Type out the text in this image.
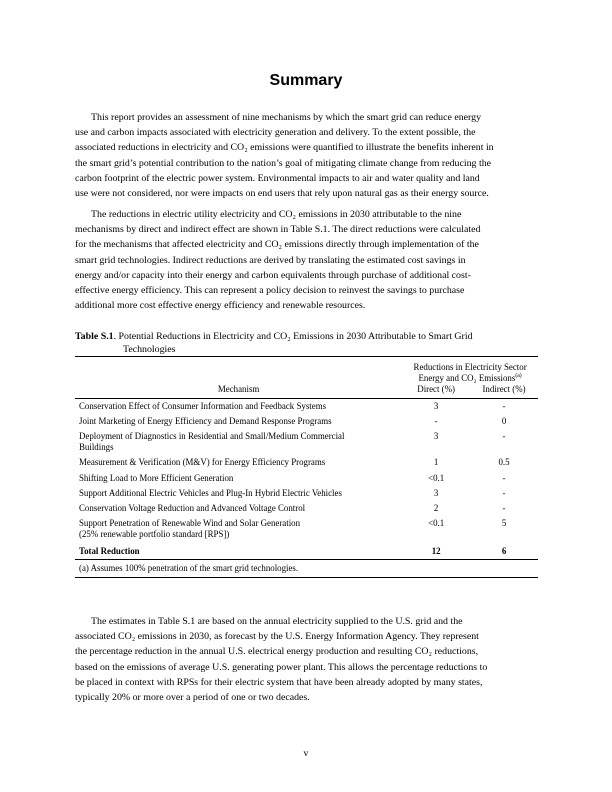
Summary

This report provides an assessment of nine mechanisms by which the smart grid can reduce energy
use and carbon impacts associated with electricity generation and delivery. To the extent possible, the
associated reductions in electricity and CO₂ emissions were quantified to illustrate the benefits inherent in
the smart grid’s potential contribution to the nation’s goal of mitigating climate change from reducing the
carbon footprint of the electric power system. Environmental impacts to air and water quality and land
use were not considered, nor were impacts on end users that rely upon natural gas as their energy source.

The reductions in electric utility electricity and CO₂ emissions in 2030 attributable to the nine
mechanisms by direct and indirect effect are shown in Table S.1. The direct reductions were calculated
for the mechanisms that affected electricity and CO₂ emissions directly through implementation of the
smart grid technologies. Indirect reductions are derived by translating the estimated cost savings in
energy and/or capacity into their energy and carbon equivalents through purchase of additional cost-
effective energy efficiency. This can represent a policy decision to reinvest the savings to purchase
additional more cost effective energy efficiency and renewable resources.

Table S.1. Potential Reductions in Electricity and CO₂ Emissions in 2030 Attributable to Smart Grid
Technologies

	Reductions in Electricity Sector
Energy and CO₂ Emissions$^{(a)}$
Mechanism	Direct (%)	Indirect (%)
Conservation Effect of Consumer Information and Feedback Systems	3	-
Joint Marketing of Energy Efficiency and Demand Response Programs	-	0
Deployment of Diagnostics in Residential and Small/Medium Commercial
Buildings	3	-
Measurement & Verification (M&V) for Energy Efficiency Programs	1	0.5
Shifting Load to More Efficient Generation	<0.1	-
Support Additional Electric Vehicles and Plug-In Hybrid Electric Vehicles	3	-
Conservation Voltage Reduction and Advanced Voltage Control	2	-
Support Penetration of Renewable Wind and Solar Generation
(25% renewable portfolio standard [RPS])	<0.1	5
Total Reduction	12	6
(a) Assumes 100% penetration of the smart grid technologies.		

The estimates in Table S.1 are based on the annual electricity supplied to the U.S. grid and the
associated CO₂ emissions in 2030, as forecast by the U.S. Energy Information Agency. They represent
the percentage reduction in the annual U.S. electrical energy production and resulting CO₂ reductions,
based on the emissions of average U.S. generating power plant. This allows the percentage reductions to
be placed in context with RPSs for their electric system that have been already adopted by many states,
typically 20% or more over a period of one or two decades.

v
